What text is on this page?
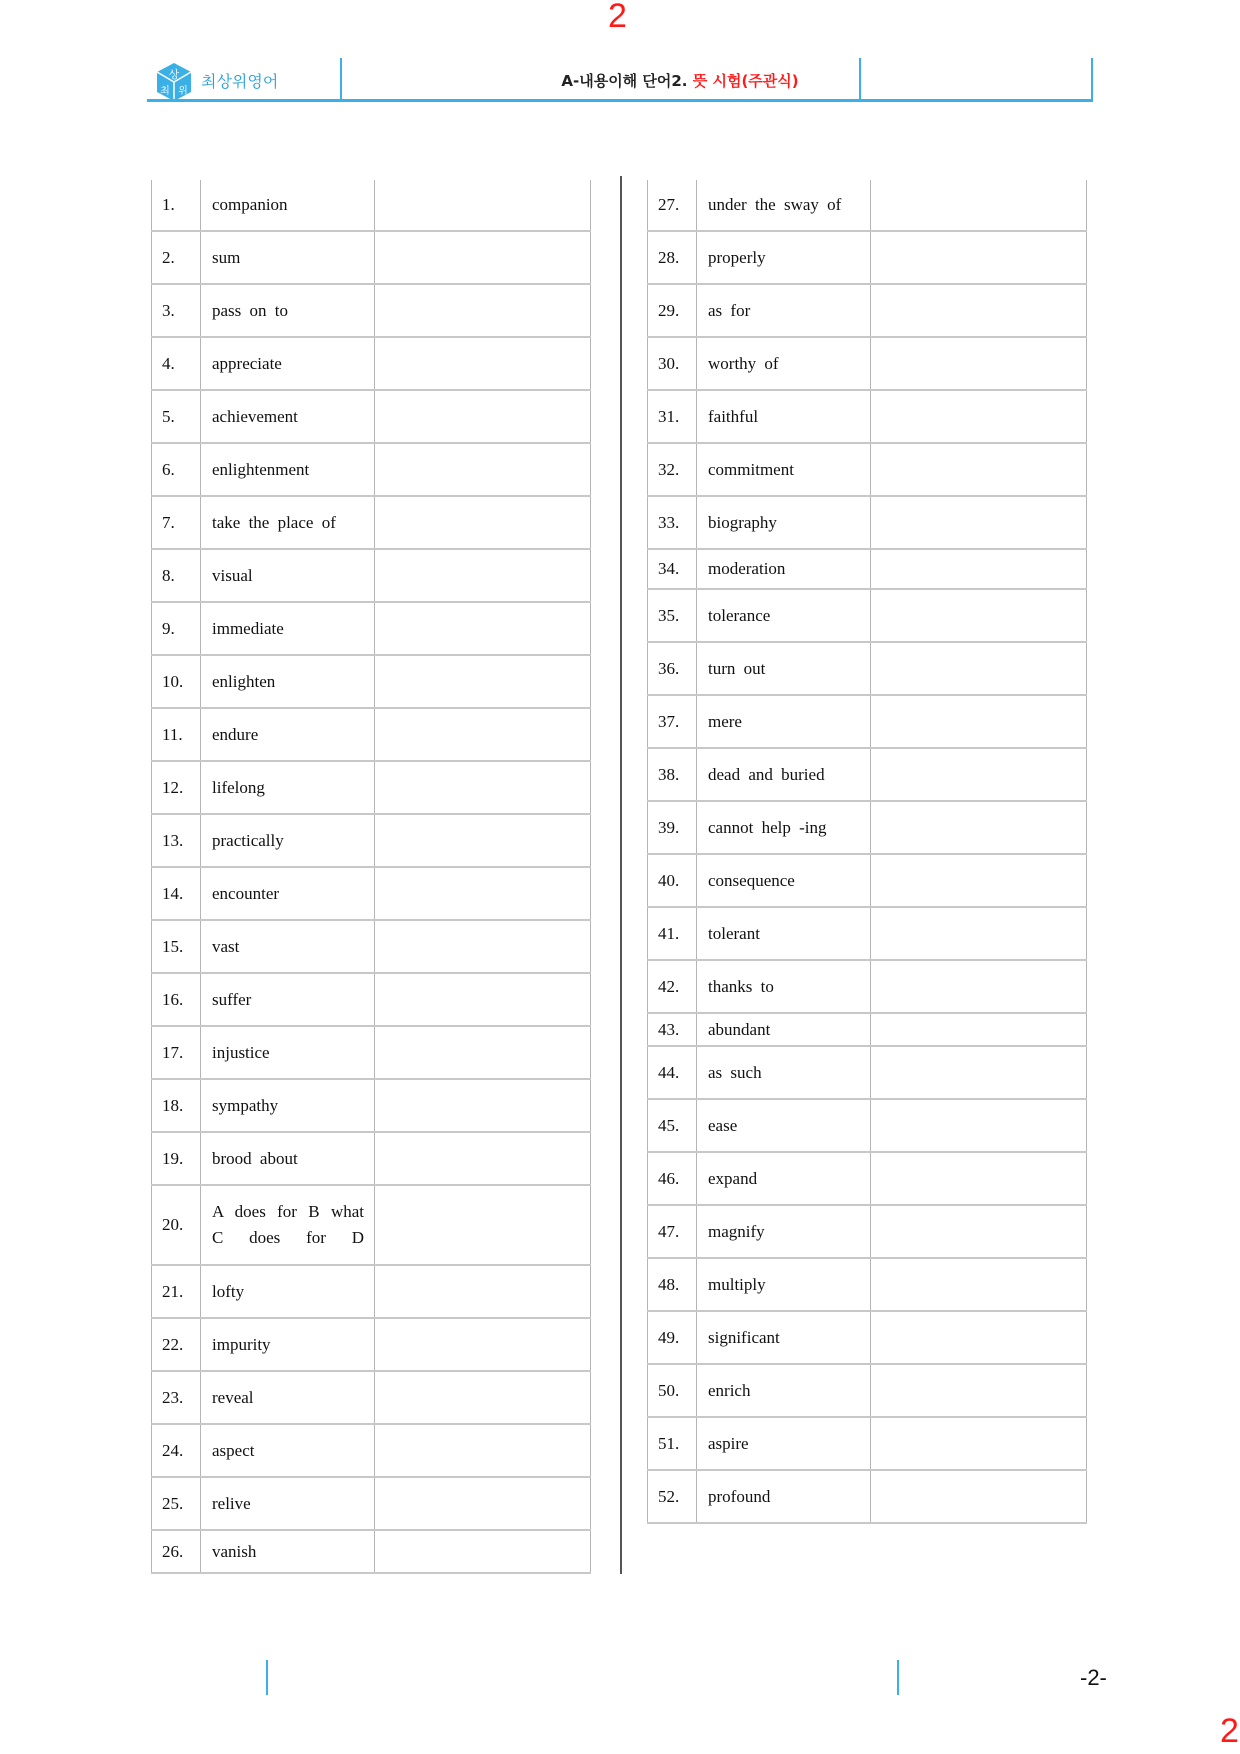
2
상
최 위
최상위영어	A-내용이해 단어2. 뜻 시험(주관식)
1.	companion	
2.	sum	
3.	pass on to	
4.	appreciate	
5.	achievement	
6.	enlightenment	
7.	take the place of	
8.	visual	
9.	immediate	
10.	enlighten	
11.	endure	
12.	lifelong	
13.	practically	
14.	encounter	
15.	vast	
16.	suffer	
17.	injustice	
18.	sympathy	
19.	brood about	
20.	A does for B what C does for D	
21.	lofty	
22.	impurity	
23.	reveal	
24.	aspect	
25.	relive	
26.	vanish	
27.	under the sway of	
28.	properly	
29.	as for	
30.	worthy of	
31.	faithful	
32.	commitment	
33.	biography	
34.	moderation	
35.	tolerance	
36.	turn out	
37.	mere	
38.	dead and buried	
39.	cannot help -ing	
40.	consequence	
41.	tolerant	
42.	thanks to	
43.	abundant	
44.	as such	
45.	ease	
46.	expand	
47.	magnify	
48.	multiply	
49.	significant	
50.	enrich	
51.	aspire	
52.	profound	
-2-
2
